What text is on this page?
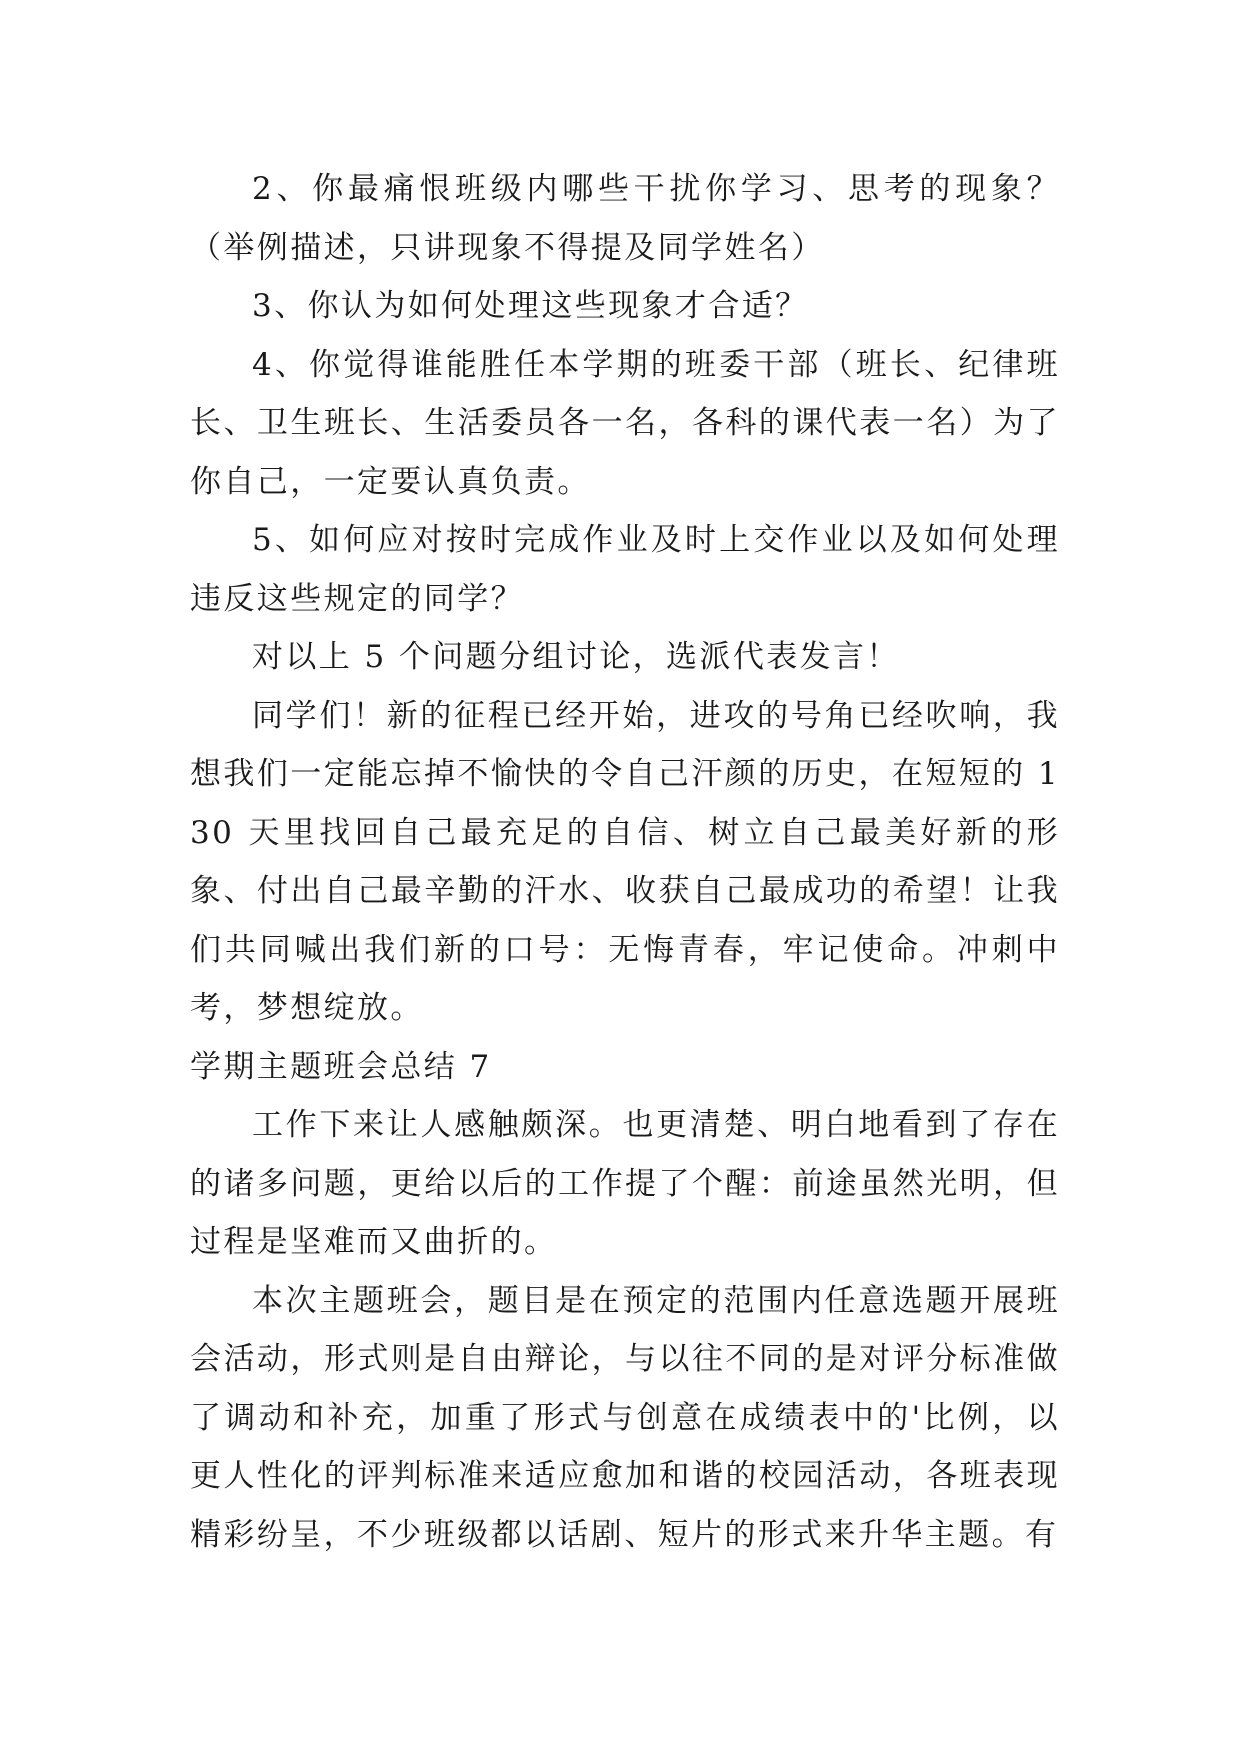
2、你最痛恨班级内哪些干扰你学习、思考的现象？（举例描述，只讲现象不得提及同学姓名）

3、你认为如何处理这些现象才合适？

4、你觉得谁能胜任本学期的班委干部（班长、纪律班长、卫生班长、生活委员各一名，各科的课代表一名）为了你自己，一定要认真负责。

5、如何应对按时完成作业及时上交作业以及如何处理违反这些规定的同学？

对以上 5 个问题分组讨论，选派代表发言！

同学们！新的征程已经开始，进攻的号角已经吹响，我想我们一定能忘掉不愉快的令自己汗颜的历史，在短短的 130 天里找回自己最充足的自信、树立自己最美好新的形象、付出自己最辛勤的汗水、收获自己最成功的希望！让我们共同喊出我们新的口号：无悔青春，牢记使命。冲刺中考，梦想绽放。

学期主题班会总结 7

工作下来让人感触颇深。也更清楚、明白地看到了存在的诸多问题，更给以后的工作提了个醒：前途虽然光明，但过程是坚难而又曲折的。

本次主题班会，题目是在预定的范围内任意选题开展班会活动，形式则是自由辩论，与以往不同的是对评分标准做了调动和补充，加重了形式与创意在成绩表中的'比例，以更人性化的评判标准来适应愈加和谐的校园活动，各班表现精彩纷呈，不少班级都以话剧、短片的形式来升华主题。有
